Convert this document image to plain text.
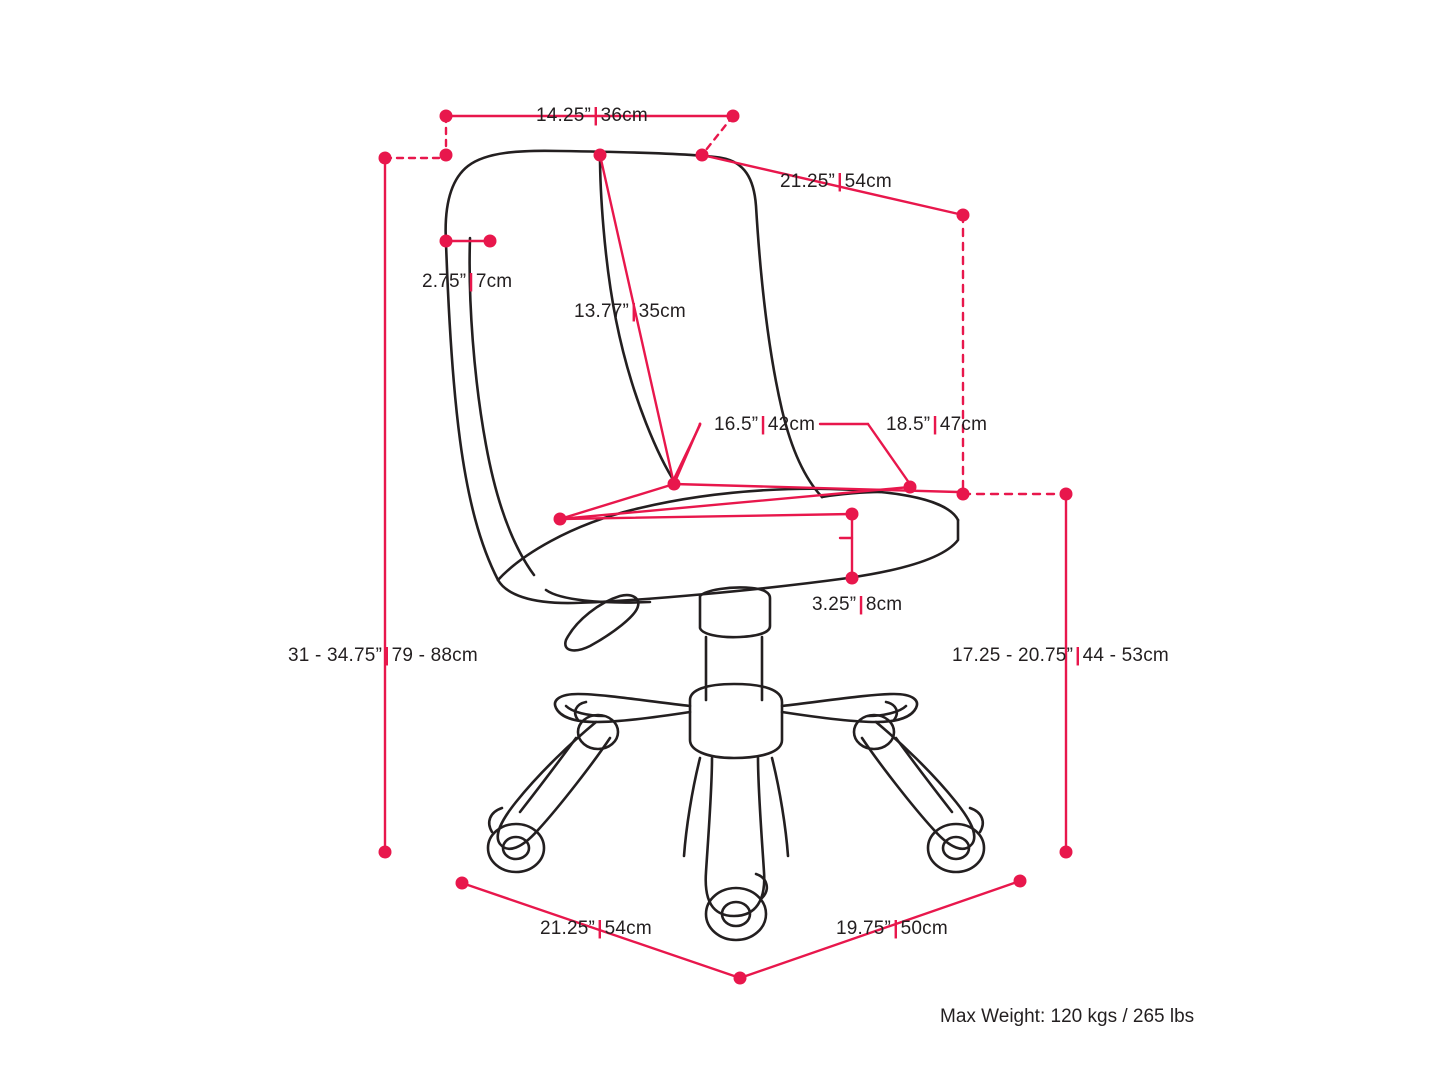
14.25” | 36cm
21.25” | 54cm
2.75” | 7cm
13.77” | 35cm
16.5” | 42cm	18.5” | 47cm
3.25” | 8cm
31 - 34.75” | 79 - 88cm	17.25 - 20.75” | 44 - 53cm
21.25” | 54cm	19.75” | 50cm
Max Weight: 120 kgs / 265 lbs
